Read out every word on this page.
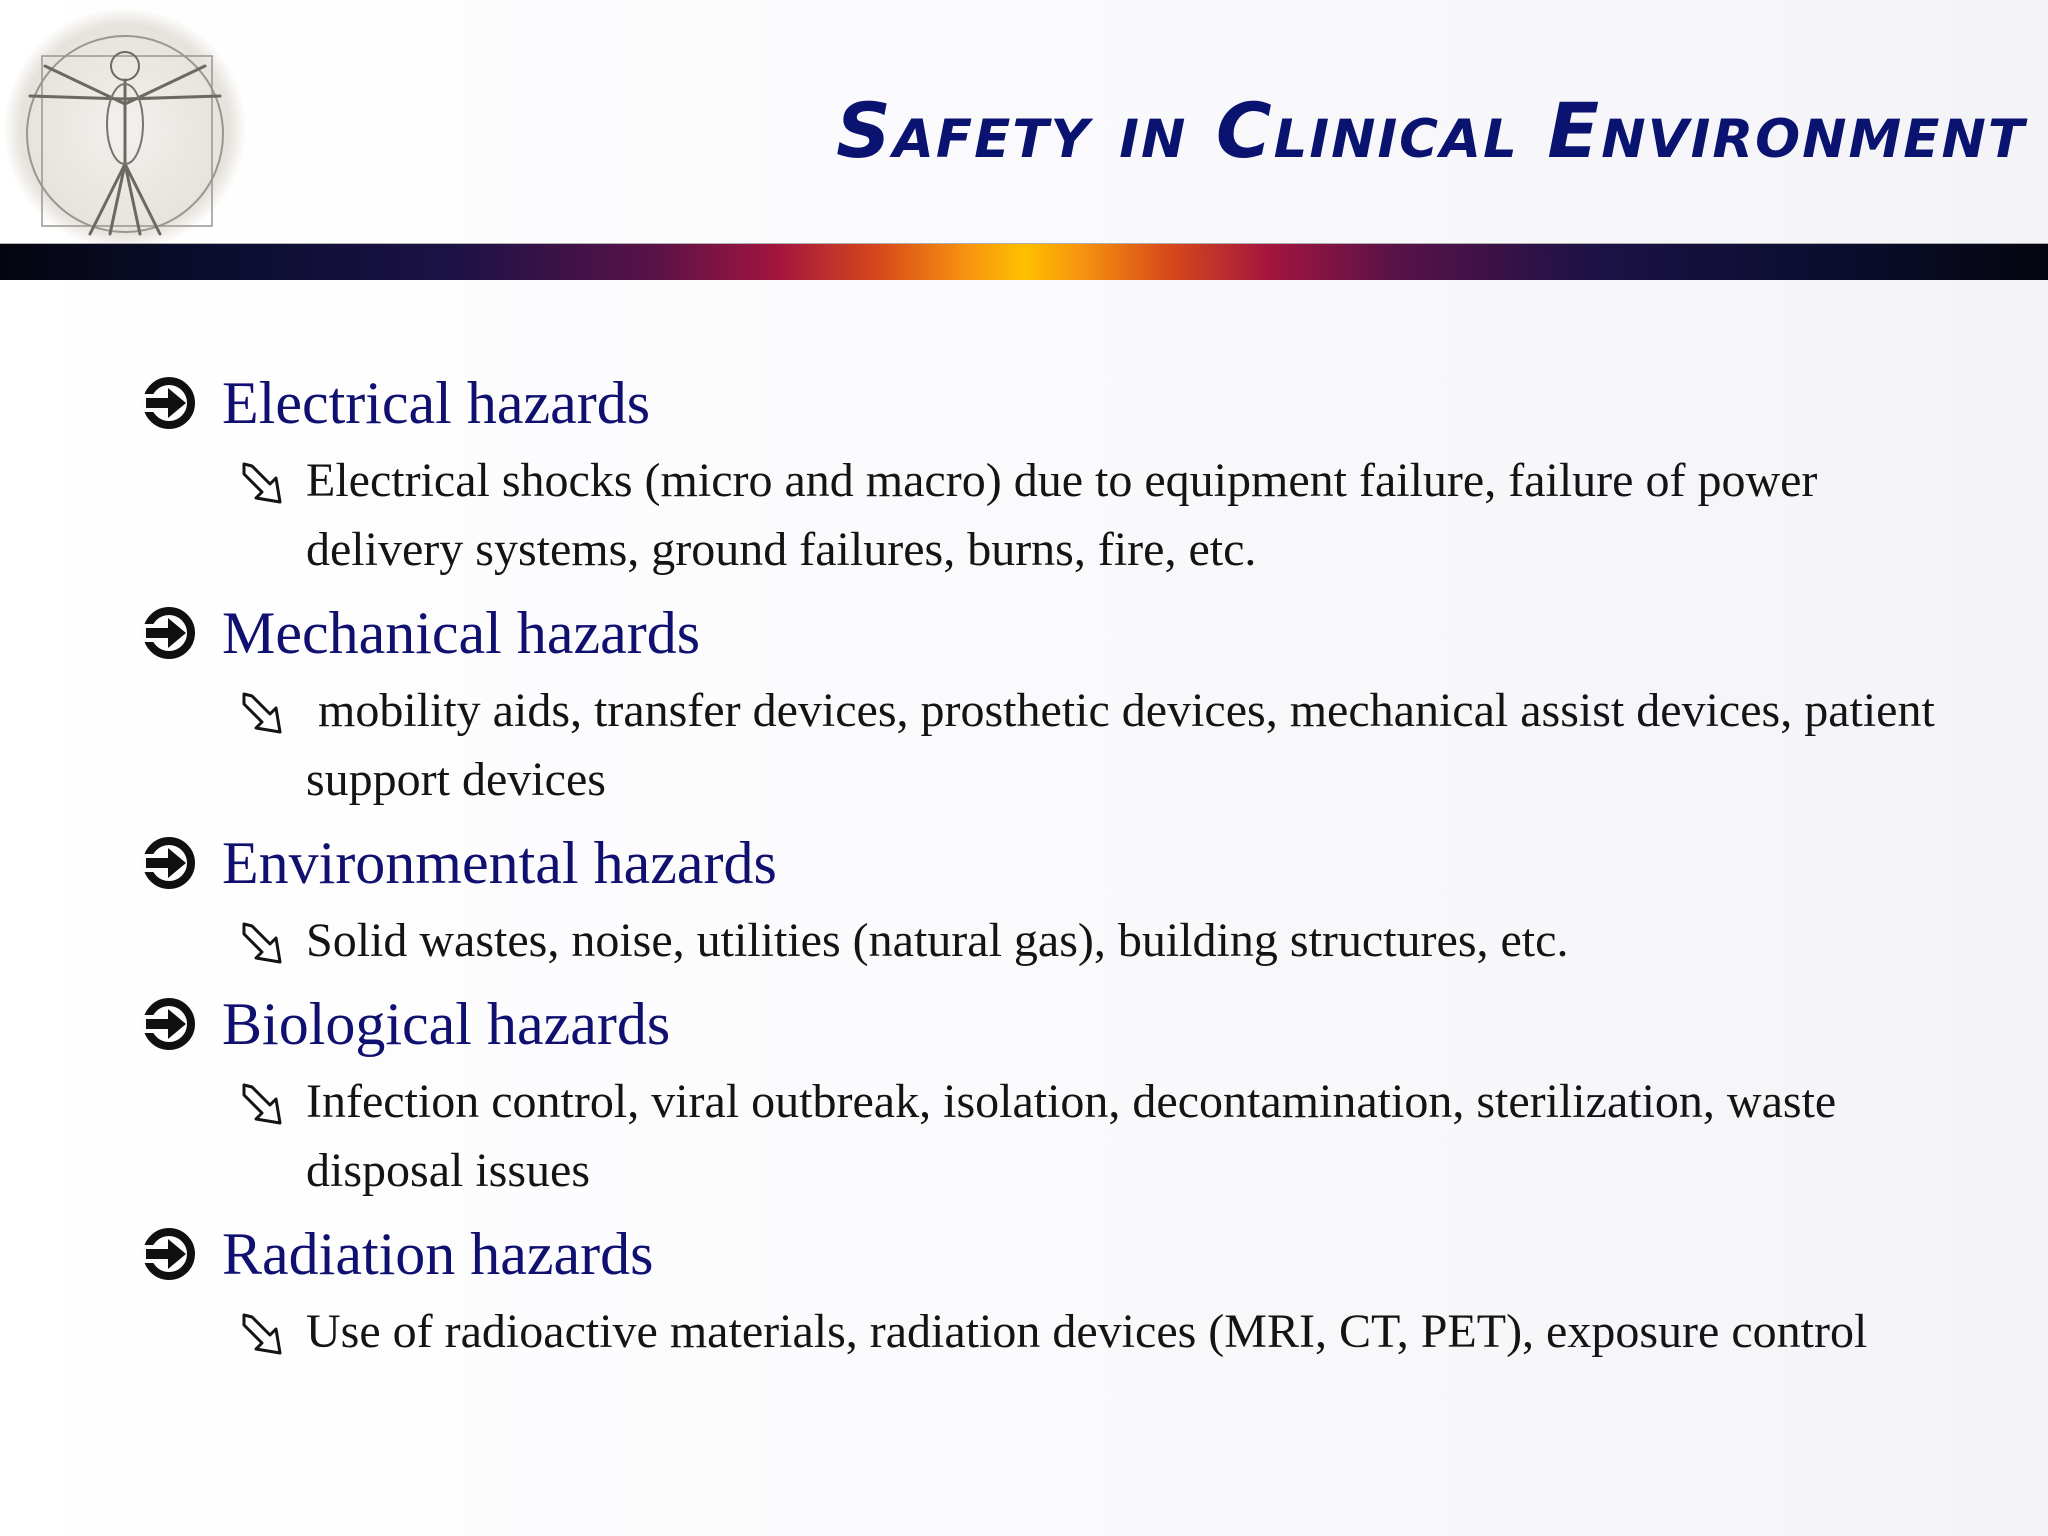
Safety in Clinical Environment
Electrical hazards
Electrical shocks (micro and macro) due to equipment failure, failure of power delivery systems, ground failures, burns, fire, etc.
Mechanical hazards
mobility aids, transfer devices, prosthetic devices, mechanical assist devices, patient support devices
Environmental hazards
Solid wastes, noise, utilities (natural gas), building structures, etc.
Biological hazards
Infection control, viral outbreak, isolation, decontamination, sterilization, waste disposal issues
Radiation hazards
Use of radioactive materials, radiation devices (MRI, CT, PET), exposure control
